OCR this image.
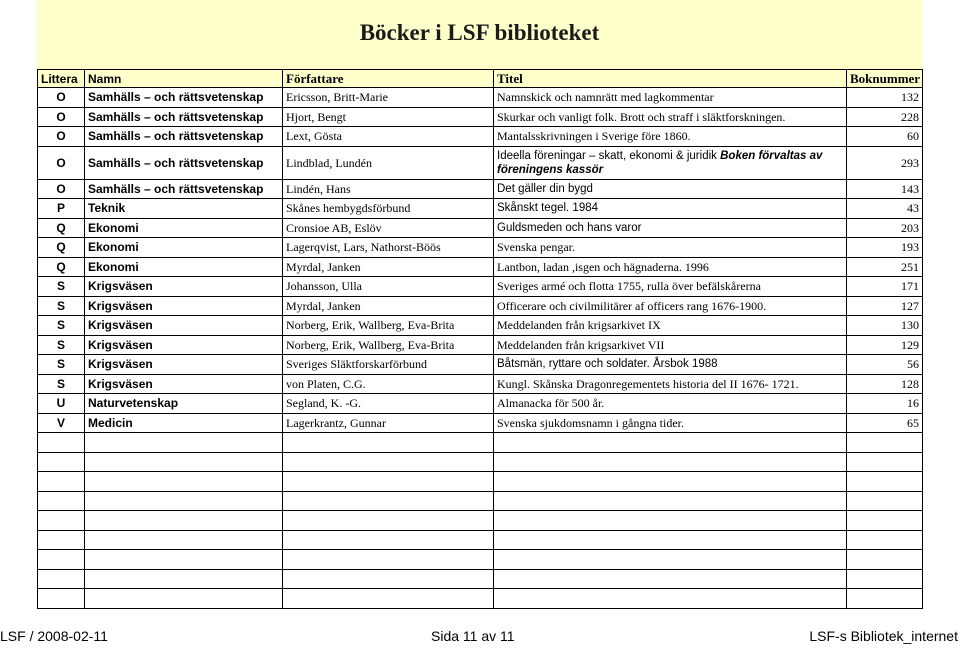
Böcker i LSF biblioteket
Littera	Namn	Författare	Titel	Boknummer
O	Samhälls – och rättsvetenskap	Ericsson, Britt-Marie	Namnskick och namnrätt med lagkommentar	132
O	Samhälls – och rättsvetenskap	Hjort, Bengt	Skurkar och vanligt folk. Brott och straff i släktforskningen.	228
O	Samhälls – och rättsvetenskap	Lext, Gösta	Mantalsskrivningen i Sverige före 1860.	60
O	Samhälls – och rättsvetenskap	Lindblad, Lundén	Ideella föreningar – skatt, ekonomi & juridik Boken förvaltas av föreningens kassör	293
O	Samhälls – och rättsvetenskap	Lindén, Hans	Det gäller din bygd	143
P	Teknik	Skånes hembygdsförbund	Skånskt tegel. 1984	43
Q	Ekonomi	Cronsioe AB, Eslöv	Guldsmeden och hans varor	203
Q	Ekonomi	Lagerqvist, Lars, Nathorst-Böös	Svenska pengar.	193
Q	Ekonomi	Myrdal, Janken	Lantbon, ladan ,isgen och hägnaderna. 1996	251
S	Krigsväsen	Johansson, Ulla	Sveriges armé och flotta 1755, rulla över befälskårerna	171
S	Krigsväsen	Myrdal, Janken	Officerare och civilmilitärer af officers rang 1676-1900.	127
S	Krigsväsen	Norberg, Erik, Wallberg, Eva-Brita	Meddelanden från krigsarkivet IX	130
S	Krigsväsen	Norberg, Erik, Wallberg, Eva-Brita	Meddelanden från krigsarkivet VII	129
S	Krigsväsen	Sveriges Släktforskarförbund	Båtsmän, ryttare och soldater. Årsbok 1988	56
S	Krigsväsen	von Platen, C.G.	Kungl. Skånska Dragonregementets historia del II 1676- 1721.	128
U	Naturvetenskap	Segland, K. -G.	Almanacka för 500 år.	16
V	Medicin	Lagerkrantz, Gunnar	Svenska sjukdomsnamn i gångna tider.	65

LSF / 2008-02-11	Sida 11 av 11	LSF-s Bibliotek_internet
